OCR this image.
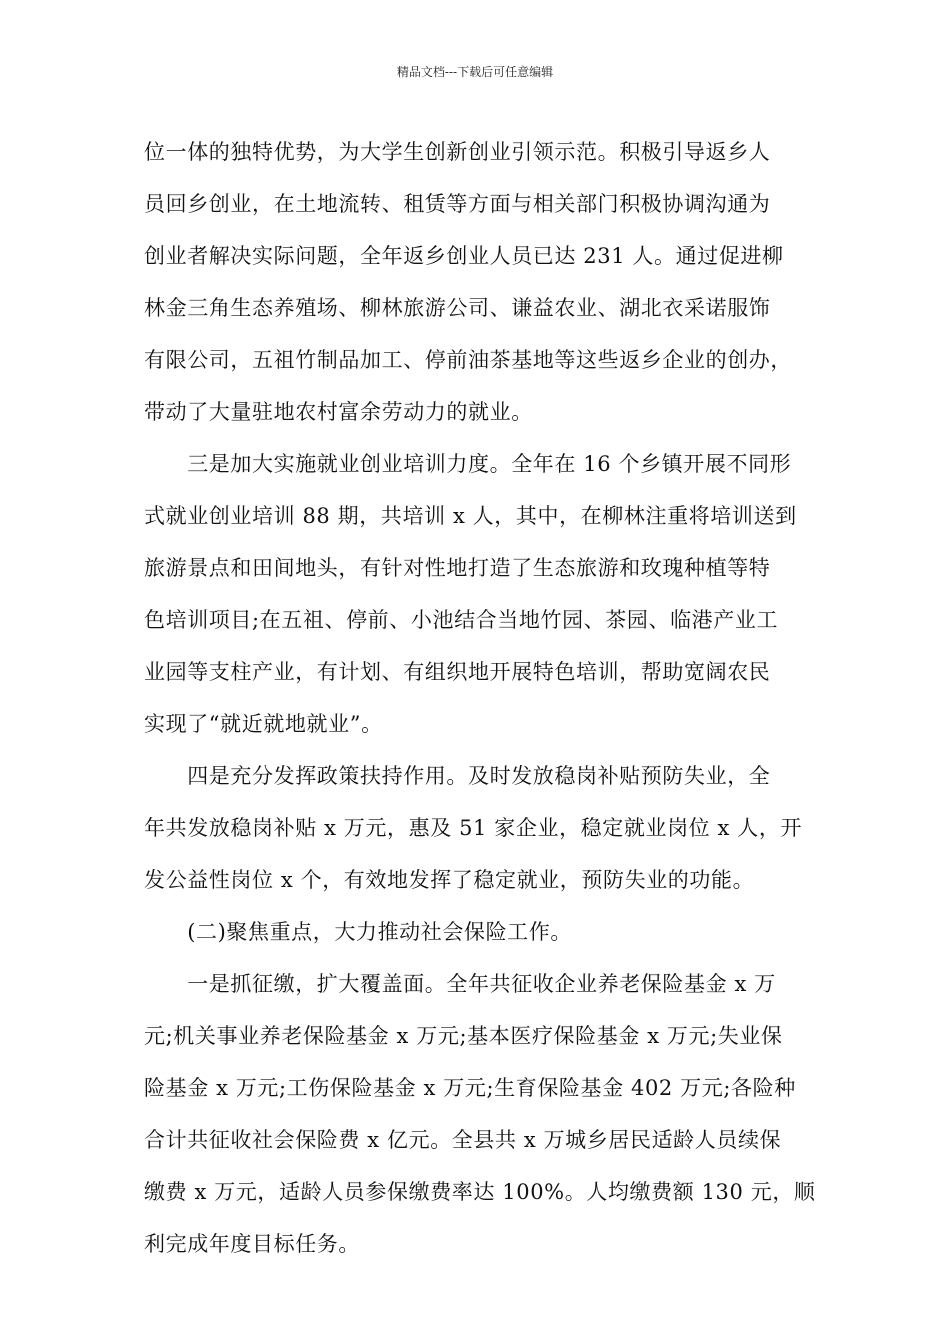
精品文档---下载后可任意编辑
位一体的独特优势，为大学生创新创业引领示范。积极引导返乡人
员回乡创业，在土地流转、租赁等方面与相关部门积极协调沟通为
创业者解决实际问题，全年返乡创业人员已达 231 人。通过促进柳
林金三角生态养殖场、柳林旅游公司、谦益农业、湖北衣采诺服饰
有限公司，五祖竹制品加工、停前油茶基地等这些返乡企业的创办，
带动了大量驻地农村富余劳动力的就业。
　　三是加大实施就业创业培训力度。全年在 16 个乡镇开展不同形
式就业创业培训 88 期，共培训 x 人，其中，在柳林注重将培训送到
旅游景点和田间地头，有针对性地打造了生态旅游和玫瑰种植等特
色培训项目;在五祖、停前、小池结合当地竹园、茶园、临港产业工
业园等支柱产业，有计划、有组织地开展特色培训，帮助宽阔农民
实现了“就近就地就业”。
　　四是充分发挥政策扶持作用。及时发放稳岗补贴预防失业，全
年共发放稳岗补贴 x 万元，惠及 51 家企业，稳定就业岗位 x 人，开
发公益性岗位 x 个，有效地发挥了稳定就业，预防失业的功能。
　　(二)聚焦重点，大力推动社会保险工作。
　　一是抓征缴，扩大覆盖面。全年共征收企业养老保险基金 x 万
元;机关事业养老保险基金 x 万元;基本医疗保险基金 x 万元;失业保
险基金 x 万元;工伤保险基金 x 万元;生育保险基金 402 万元;各险种
合计共征收社会保险费 x 亿元。全县共 x 万城乡居民适龄人员续保
缴费 x 万元，适龄人员参保缴费率达 100%。人均缴费额 130 元，顺
利完成年度目标任务。
